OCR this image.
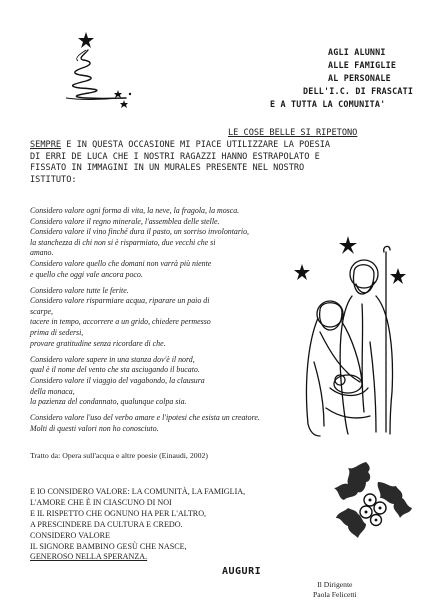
AGLI ALUNNI
ALLE FAMIGLIE
AL PERSONALE
DELL'I.C. DI FRASCATI
E A TUTTA LA COMUNITA'
LE COSE BELLE SI RIPETONO
SEMPRE E IN QUESTA OCCASIONE MI PIACE UTILIZZARE LA POESIA
DI ERRI DE LUCA CHE I NOSTRI RAGAZZI HANNO ESTRAPOLATO E
FISSATO IN IMMAGINI IN UN MURALES PRESENTE NEL NOSTRO
ISTITUTO:
Considero valore ogni forma di vita, la neve, la fragola, la mosca.
Considero valore il regno minerale, l'assemblea delle stelle.
Considero valore il vino finché dura il pasto, un sorriso involontario,
la stanchezza di chi non si è risparmiato, due vecchi che si
amano.
Considero valore quello che domani non varrà più niente
e quello che oggi vale ancora poco.
Considero valore tutte le ferite.
Considero valore risparmiare acqua, riparare un paio di
scarpe,
tacere in tempo, accorrere a un grido, chiedere permesso
prima di sedersi,
provare gratitudine senza ricordare di che.
Considero valore sapere in una stanza dov'è il nord,
qual è il nome del vento che sta asciugando il bucato.
Considero valore il viaggio del vagabondo, la clausura
della monaca,
la pazienza del condannato, qualunque colpa sia.
Considero valore l'uso del verbo amare e l'ipotesi che esista un creatore.
Molti di questi valori non ho conosciuto.
Tratto da: Opera sull'acqua e altre poesie (Einaudi, 2002)
E IO CONSIDERO VALORE: LA COMUNITÀ, LA FAMIGLIA,
L'AMORE CHE È IN CIASCUNO DI NOI
E IL RISPETTO CHE OGNUNO HA PER L'ALTRO,
A PRESCINDERE DA CULTURA E CREDO.
CONSIDERO VALORE
IL SIGNORE BAMBINO GESÙ CHE NASCE,
GENEROSO NELLA SPERANZA.
AUGURI
Il Dirigente
Paola Felicetti
